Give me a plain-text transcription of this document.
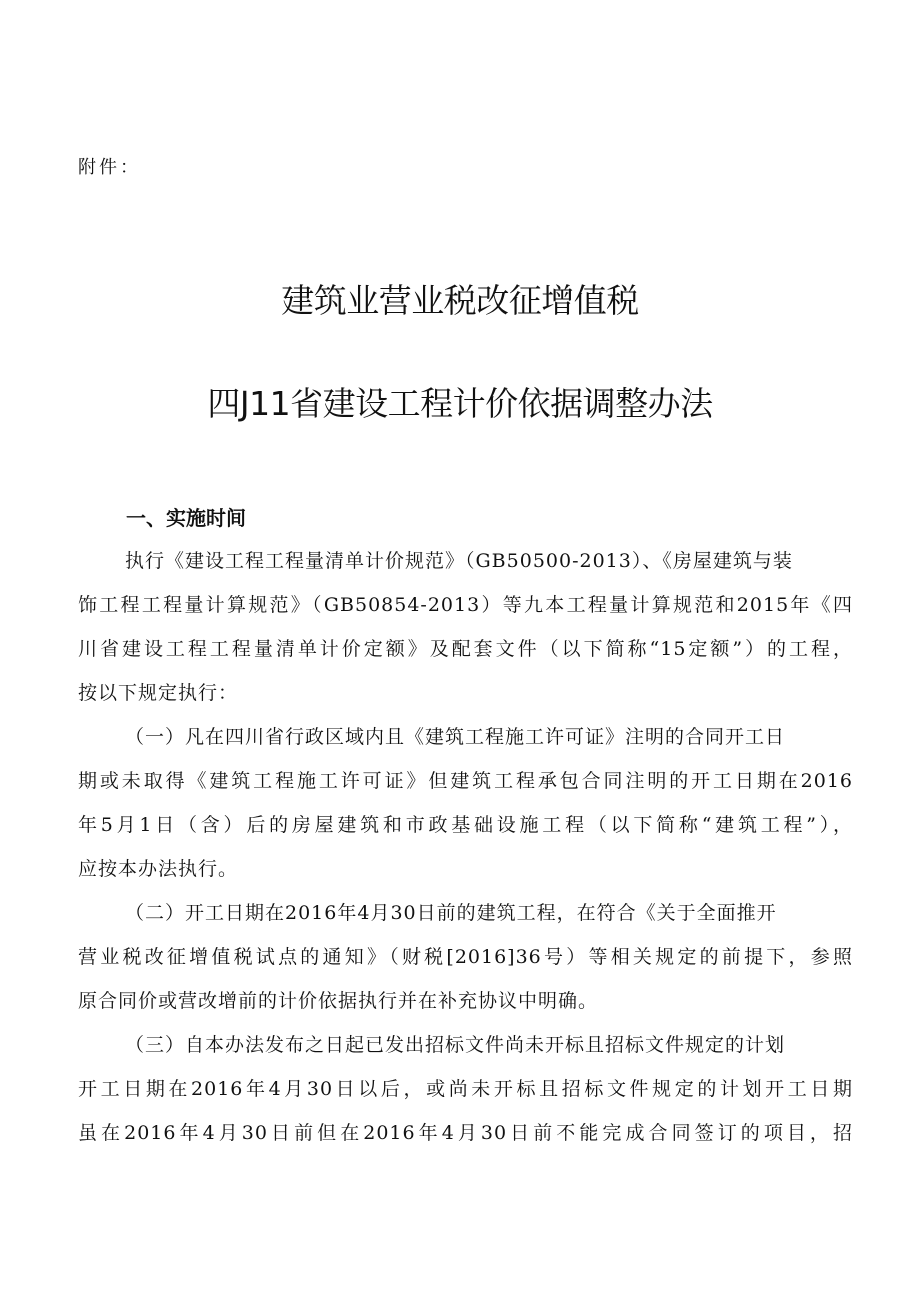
附件：
建筑业营业税改征增值税
四J11省建设工程计价依据调整办法
一、实施时间
执行《建设工程工程量清单计价规范》（GB50500-2013）、《房屋建筑与装
饰工程工程量计算规范》（GB50854-2013）等九本工程量计算规范和2015年《四
川省建设工程工程量清单计价定额》及配套文件（以下简称“15定额”）的工程，
按以下规定执行：
（一）凡在四川省行政区域内且《建筑工程施工许可证》注明的合同开工日
期或未取得《建筑工程施工许可证》但建筑工程承包合同注明的开工日期在2016
年5月1日（含）后的房屋建筑和市政基础设施工程（以下简称“建筑工程”），
应按本办法执行。
（二）开工日期在2016年4月30日前的建筑工程，在符合《关于全面推开
营业税改征增值税试点的通知》（财税[2016]36号）等相关规定的前提下，参照
原合同价或营改增前的计价依据执行并在补充协议中明确。
（三）自本办法发布之日起已发出招标文件尚未开标且招标文件规定的计划
开工日期在2016年4月30日以后，或尚未开标且招标文件规定的计划开工日期
虽在2016年4月30日前但在2016年4月30日前不能完成合同签订的项目，招
